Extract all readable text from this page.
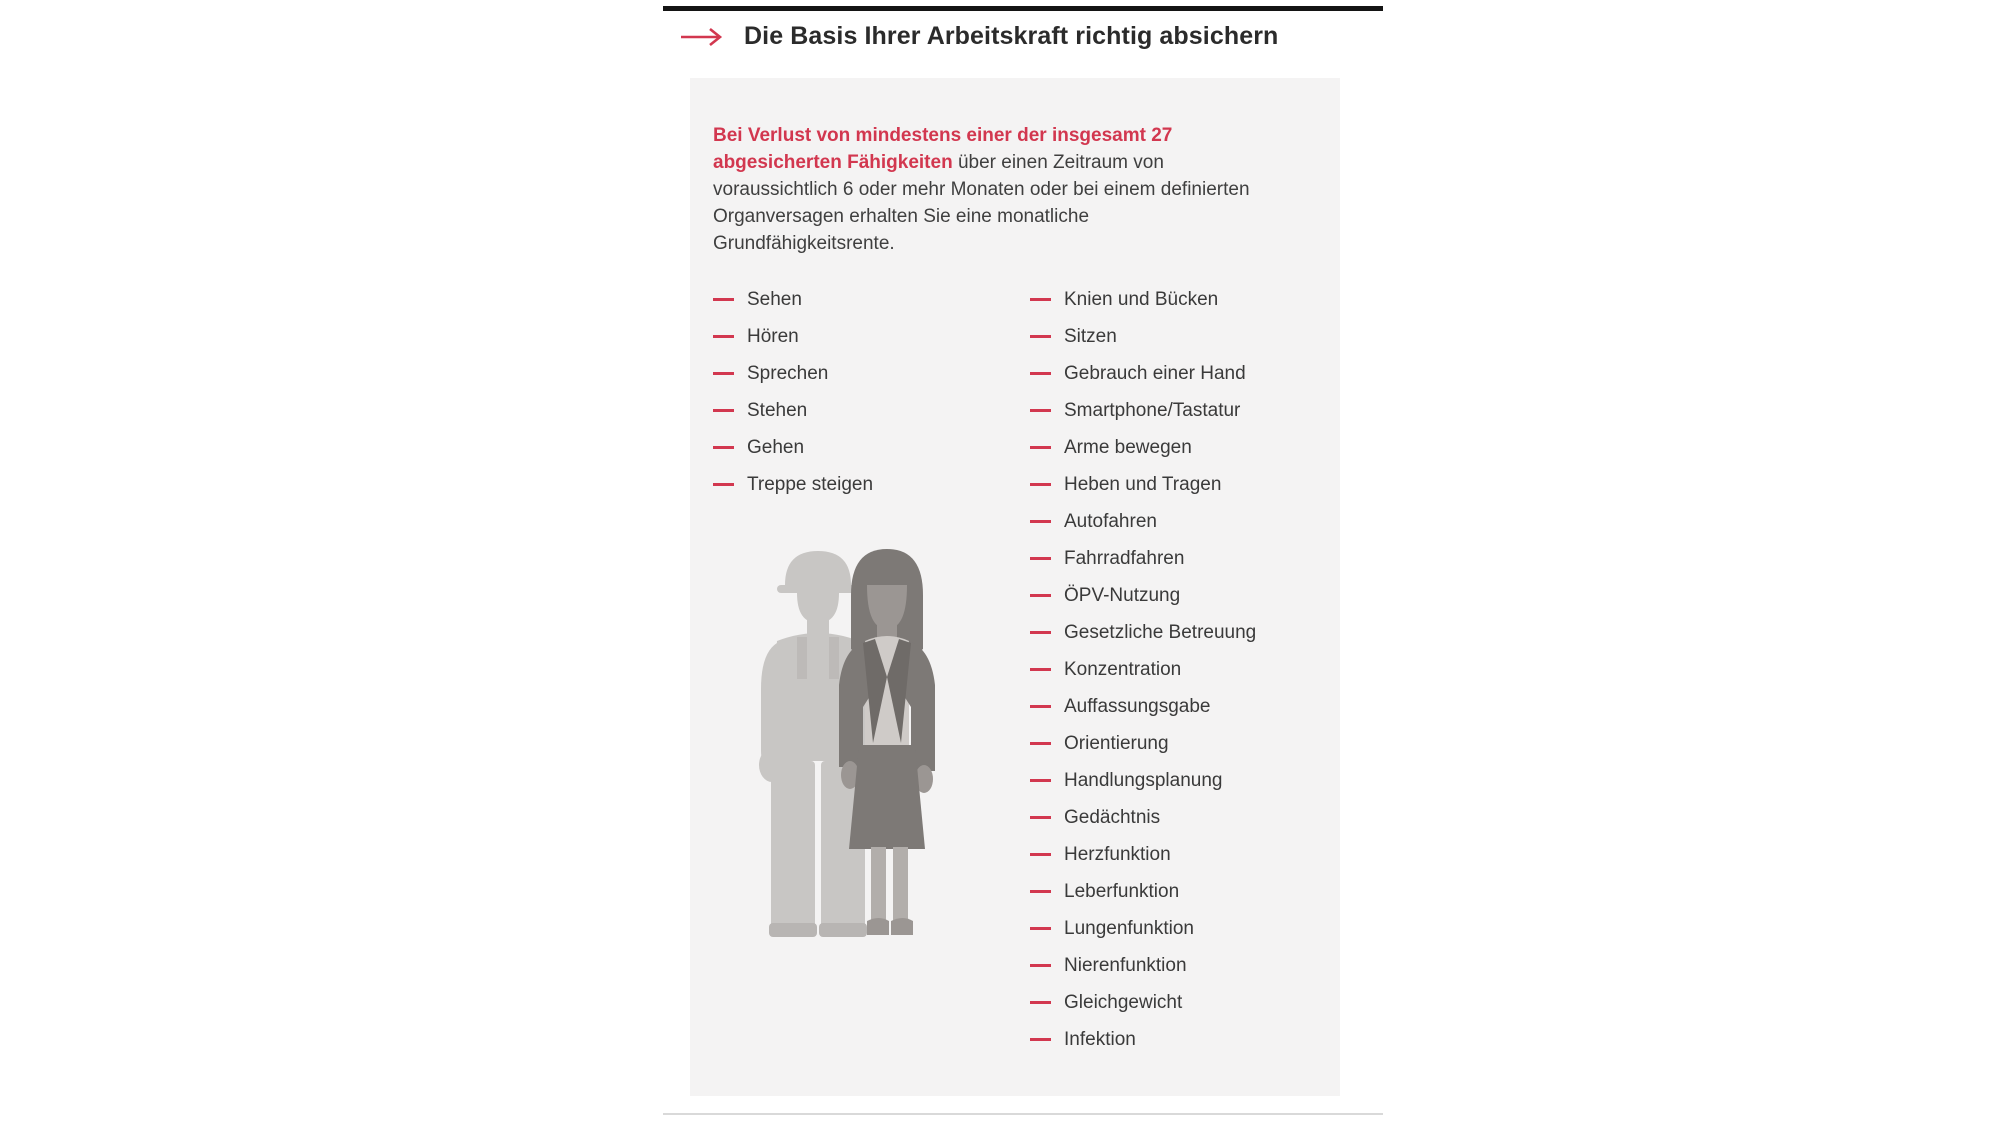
Die Basis Ihrer Arbeitskraft richtig absichern

Bei Verlust von mindestens einer der insgesamt 27 abgesicherten Fähigkeiten über einen Zeitraum von voraussichtlich 6 oder mehr Monaten oder bei einem definierten Organversagen erhalten Sie eine monatliche Grundfähigkeitsrente.

Sehen
Hören
Sprechen
Stehen
Gehen
Treppe steigen
Knien und Bücken
Sitzen
Gebrauch einer Hand
Smartphone/Tastatur
Arme bewegen
Heben und Tragen
Autofahren
Fahrradfahren
ÖPV-Nutzung
Gesetzliche Betreuung
Konzentration
Auffassungsgabe
Orientierung
Handlungsplanung
Gedächtnis
Herzfunktion
Leberfunktion
Lungenfunktion
Nierenfunktion
Gleichgewicht
Infektion
